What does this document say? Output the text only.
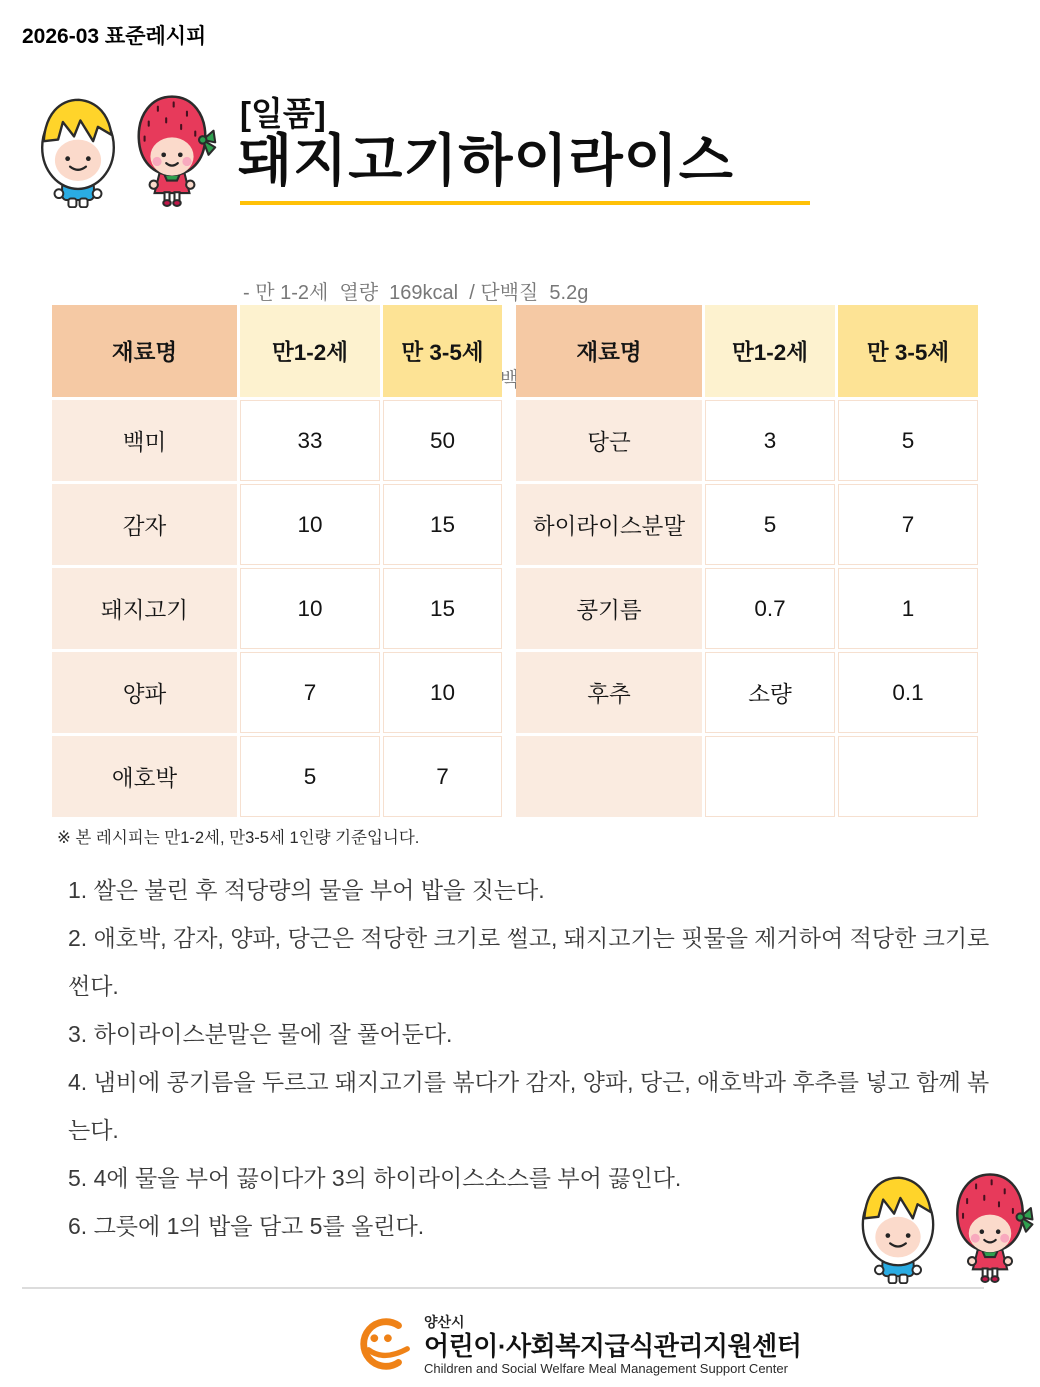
2026-03 표준레시피
[일품]
돼지고기하이라이스

- 만 1-2세  열량  169kcal  / 단백질  5.2g

단백질

재료명	만1-2세	만 3-5세
백미	33	50
감자	10	15
돼지고기	10	15
양파	7	10
애호박	5	7
재료명	만1-2세	만 3-5세
당근	3	5
하이라이스분말	5	7
콩기름	0.7	1
후추	소량	0.1

※ 본 레시피는 만1-2세, 만3-5세 1인량 기준입니다.
1. 쌀은 불린 후 적당량의 물을 부어 밥을 짓는다.
2. 애호박, 감자, 양파, 당근은 적당한 크기로 썰고, 돼지고기는 핏물을 제거하여 적당한 크기로 썬다.
3. 하이라이스분말은 물에 잘 풀어둔다.
4. 냄비에 콩기름을 두르고 돼지고기를 볶다가 감자, 양파, 당근, 애호박과 후추를 넣고 함께 볶는다.
5. 4에 물을 부어 끓이다가 3의 하이라이스소스를 부어 끓인다.
6. 그릇에 1의 밥을 담고 5를 올린다.
양산시
어린이·사회복지급식관리지원센터
Children and Social Welfare Meal Management Support Center
